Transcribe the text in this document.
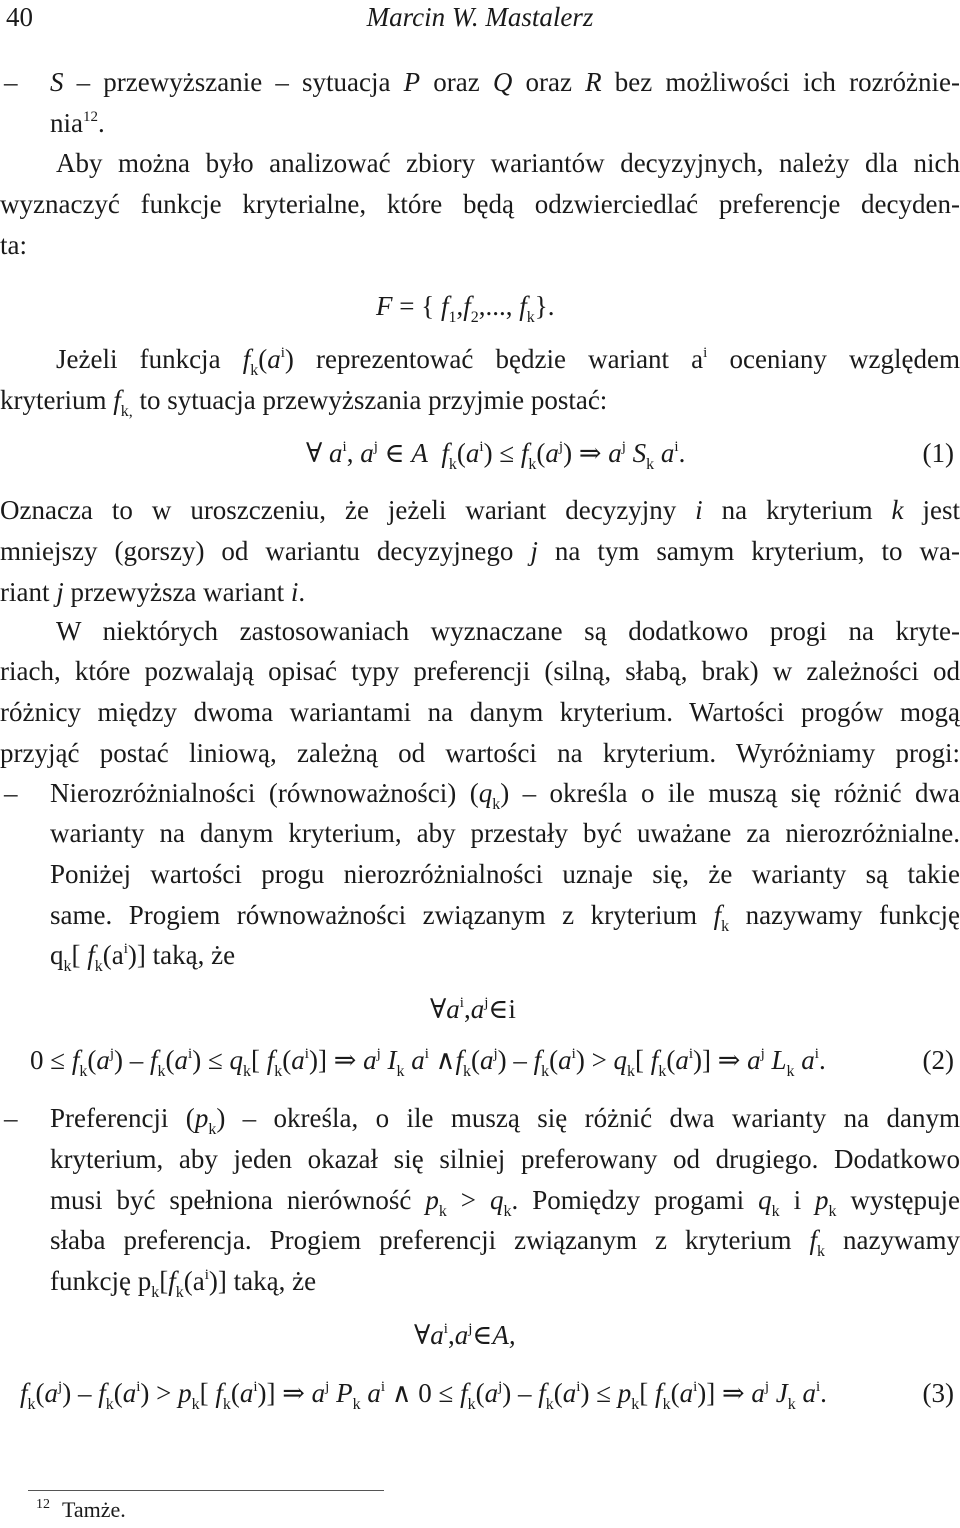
40	Marcin W. Mastalerz
– S – przewyższanie – sytuacja P oraz Q oraz R bez możliwości ich rozróżnie-
nia$^{12}$.
Aby można było analizować zbiory wariantów decyzyjnych, należy dla nich
wyznaczyć funkcje kryterialne, które będą odzwierciedlać preferencje decyden-
ta:
F = { $f_1,f_2$,..., $f_k$}.
Jeżeli funkcja $f_k(a^i)$ reprezentować będzie wariant $a^i$ oceniany względem
kryterium $f_{k,}$ to sytuacja przewyższania przyjmie postać:
∀ $a^i$, $a^j$ ∈ A $f_k(a^i) \le f_k(a^j)$ ⇒ $a^j$ $S_k$ $a^i$.	(1)
Oznacza to w uroszczeniu, że jeżeli wariant decyzyjny i na kryterium k jest
mniejszy (gorszy) od wariantu decyzyjnego j na tym samym kryterium, to wa-
riant j przewyższa wariant i.
W niektórych zastosowaniach wyznaczane są dodatkowo progi na kryte-
riach, które pozwalają opisać typy preferencji (silną, słabą, brak) w zależności od
różnicy między dwoma wariantami na danym kryterium. Wartości progów mogą
przyjąć postać liniową, zależną od wartości na kryterium. Wyróżniamy progi:
– Nierozróżnialności (równoważności) $(q_k)$ – określa o ile muszą się różnić dwa
warianty na danym kryterium, aby przestały być uważane za nierozróżnialne.
Poniżej wartości progu nierozróżnialności uznaje się, że warianty są takie
same. Progiem równoważności związanym z kryterium $f_k$ nazywamy funkcję
$q_k$[ $f_k(a^i)$] taką, że
$\forall a^i,a^j\in i$
$0 \le f_k(a^j) - f_k(a^i) \le q_k$[ $f_k(a^i)$] ⇒ $a^j$ $I_k$ $a^i$ $\wedge f_k(a^j) - f_k(a^i) > q_k$[ $f_k(a^i)$] ⇒ $a^j$ $L_k$ $a^i$.	(2)
– Preferencji $(p_k)$ – określa, o ile muszą się różnić dwa warianty na danym
kryterium, aby jeden okazał się silniej preferowany od drugiego. Dodatkowo
musi być spełniona nierówność $p_k > q_k$. Pomiędzy progami $q_k$ i $p_k$ występuje
słaba preferencja. Progiem preferencji związanym z kryterium $f_k$ nazywamy
funkcję $p_k[f_k(a^i)]$ taką, że
$\forall a^i,a^j\in A$,
$f_k(a^j) - f_k(a^i) > p_k$[ $f_k(a^i)$] ⇒ $a^j$ $P_k$ $a^i$ ∧ $0 \le f_k(a^j) - f_k(a^i) \le p_k$[ $f_k(a^i)$] ⇒ $a^j$ $J_k$ $a^i$.	(3)
$^{12}$ Tamże.
